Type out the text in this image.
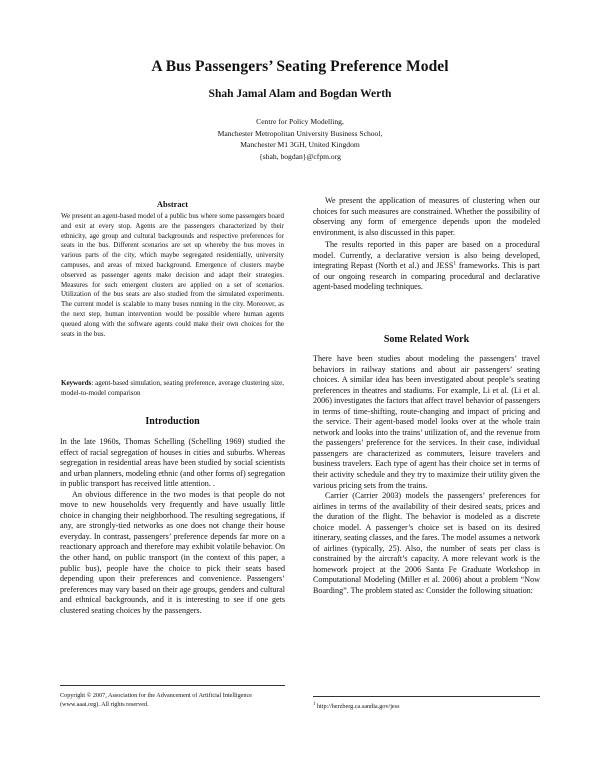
A Bus Passengers’ Seating Preference Model
Shah Jamal Alam and Bogdan Werth
Centre for Policy Modelling,
Manchester Metropolitan University Business School,
Manchester M1 3GH, United Kingdom
{shah, bogdan}@cfpm.org
Abstract
We present an agent-based model of a public bus where some passengers board and exit at every stop. Agents are the passengers characterized by their ethnicity, age group and cultural backgrounds and respective preferences for seats in the bus. Different scenarios are set up whereby the bus moves in various parts of the city, which maybe segregated residentially, university campuses, and areas of mixed background. Emergence of clusters maybe observed as passenger agents make decision and adapt their strategies. Measures for such emergent clusters are applied on a set of scenarios. Utilization of the bus seats are also studied from the simulated experiments. The current model is scalable to many buses running in the city. Moreover, as the next step, human intervention would be possible where human agents queued along with the software agents could make their own choices for the seats in the bus.
Keywords: agent-based simulation, seating preference, average clustering size, model-to-model comparison
Introduction

In the late 1960s, Thomas Schelling (Schelling 1969) studied the effect of racial segregation of houses in cities and suburbs. Whereas segregation in residential areas have been studied by social scientists and urban planners, modeling ethnic (and other forms of) segregation in public transport has received little attention. .

An obvious difference in the two modes is that people do not move to new households very frequently and have usually little choice in changing their neighborhood. The resulting segregations, if any, are strongly-tied networks as one does not change their house everyday. In contrast, passengers’ preference depends far more on a reactionary approach and therefore may exhibit volatile behavior. On the other hand, on public transport (in the context of this paper, a public bus), people have the choice to pick their seats based depending upon their preferences and convenience. Passengers’ preferences may vary based on their age groups, genders and cultural and ethnical backgrounds, and it is interesting to see if one gets clustered seating choices by the passengers.

Copyright © 2007, Association for the Advancement of Artificial Intelligence (www.aaai.org). All rights reserved.

We present the application of measures of clustering when our choices for such measures are constrained. Whether the possibility of observing any form of emergence depends upon the modeled environment, is also discussed in this paper.

The results reported in this paper are based on a procedural model. Currently, a declarative version is also being developed, integrating Repast (North et al.) and JESS$^1$ frameworks. This is part of our ongoing research in comparing procedural and declarative agent-based modeling techniques.

Some Related Work

There have been studies about modeling the passengers’ travel behaviors in railway stations and about air passengers’ seating choices. A similar idea has been investigated about people’s seating preferences in theatres and stadiums. For example, Li et al. (Li et al. 2006) investigates the factors that affect travel behavior of passengers in terms of time-shifting, route-changing and impact of pricing and the service. Their agent-based model looks over at the whole train network and looks into the trains’ utilization of, and the revenue from the passengers’ preference for the services. In their case, individual passengers are characterized as commuters, leisure travelers and business travelers. Each type of agent has their choice set in terms of their activity schedule and they try to maximize their utility given the various pricing sets from the trains.

Carrier (Carrier 2003) models the passengers’ preferences for airlines in terms of the availability of their desired seats, prices and the duration of the flight. The behavior is modeled as a discrete choice model. A passenger’s choice set is based on its desired itinerary, seating classes, and the fares. The model assumes a network of airlines (typically, 25). Also, the number of seats per class is constrained by the aircraft’s capacity. A more relevant work is the homework project at the 2006 Santa Fe Graduate Workshop in Computational Modeling (Miller et al. 2006) about a problem “Now Boarding”. The problem stated as: Consider the following situation:

$^1$ http://herzberg.ca.sandia.gov/jess
